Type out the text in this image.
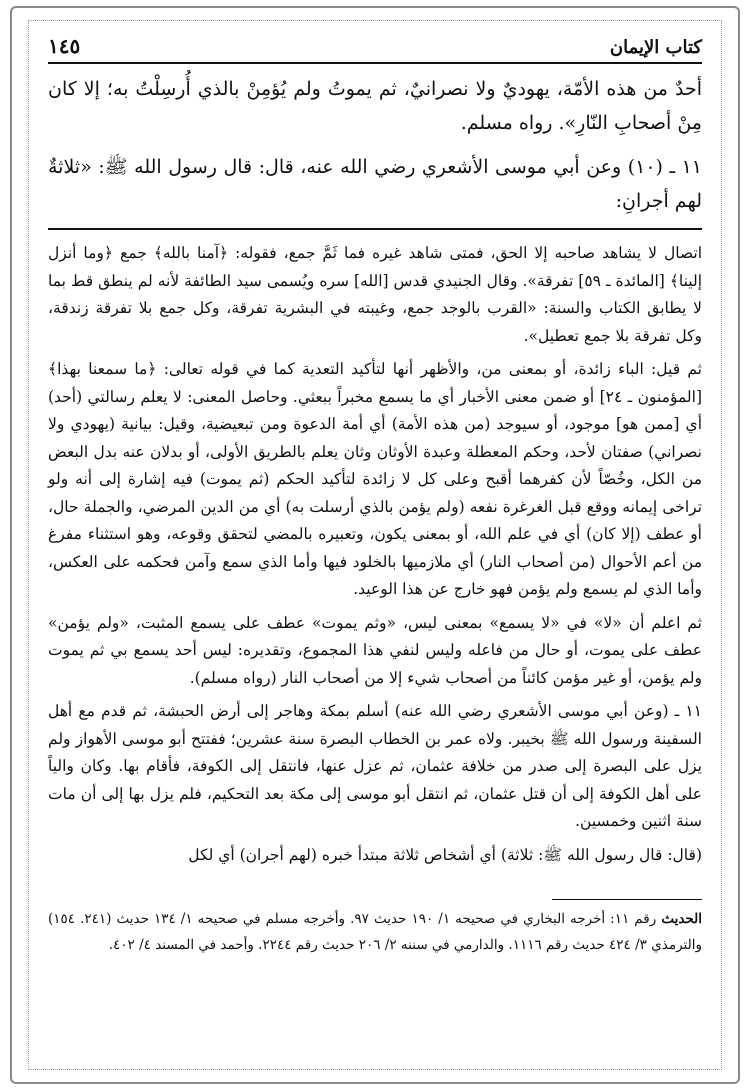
كتاب الإيمان
١٤٥

أحدٌ من هذه الأمّة، يهوديٌ ولا نصرانيٌ، ثم يموتُ ولم يُؤمِنْ بالذي أُرسِلْتُ به؛ إلا كان مِنْ أصحابِ النّارِ». رواه مسلم.

١١ ـ (١٠) وعن أبي موسى الأشعري رضي الله عنه، قال: قال رسول الله ﷺ: «ثلاثةٌ لهم أجرانِ:

اتصال لا يشاهد صاحبه إلا الحق، فمتى شاهد غيره فما ثَمَّ جمع، فقوله: ﴿آمنا بالله﴾ جمع ﴿وما أنزل إلينا﴾ [المائدة ـ ٥٩] تفرقة». وقال الجنيدي قدس [الله] سره ويُسمى سيد الطائفة لأنه لم ينطق قط بما لا يطابق الكتاب والسنة: «القرب بالوجد جمع، وغيبته في البشرية تفرقة، وكل جمع بلا تفرقة زندقة، وكل تفرقة بلا جمع تعطيل».

ثم قيل: الباء زائدة، أو بمعنى من، والأظهر أنها لتأكيد التعدية كما في قوله تعالى: ﴿ما سمعنا بهذا﴾ [المؤمنون ـ ٢٤] أو ضمن معنى الأخبار أي ما يسمع مخبراً ببعثي. وحاصل المعنى: لا يعلم رسالتي (أحد) أي [ممن هو] موجود، أو سيوجد (من هذه الأمة) أي أمة الدعوة ومن تبعيضية، وقيل: بيانية (يهودي ولا نصراني) صفتان لأحد، وحكم المعطلة وعبدة الأوثان وثان يعلم بالطريق الأولى، أو بدلان عنه بدل البعض من الكل، وخُصّاً لأن كفرهما أقبح وعلى كل لا زائدة لتأكيد الحكم (ثم يموت) فيه إشارة إلى أنه ولو تراخى إيمانه ووقع قبل الغرغرة نفعه (ولم يؤمن بالذي أرسلت به) أي من الدين المرضي، والجملة حال، أو عطف (إلا كان) أي في علم الله، أو بمعنى يكون، وتعبيره بالمضي لتحقق وقوعه، وهو استثناء مفرغ من أعم الأحوال (من أصحاب النار) أي ملازميها بالخلود فيها وأما الذي سمع وآمن فحكمه على العكس، وأما الذي لم يسمع ولم يؤمن فهو خارج عن هذا الوعيد.

ثم اعلم أن «لا» في «لا يسمع» بمعنى ليس، «وثم يموت» عطف على يسمع المثبت، «ولم يؤمن» عطف على يموت، أو حال من فاعله وليس لنفي هذا المجموع، وتقديره: ليس أحد يسمع بي ثم يموت ولم يؤمن، أو غير مؤمن كائناً من أصحاب شيء إلا من أصحاب النار (رواه مسلم).

١١ ـ (وعن أبي موسى الأشعري رضي الله عنه) أسلم بمكة وهاجر إلى أرض الحبشة، ثم قدم مع أهل السفينة ورسول الله ﷺ بخيبر. ولاه عمر بن الخطاب البصرة سنة عشرين؛ ففتتح أبو موسى الأهواز ولم يزل على البصرة إلى صدر من خلافة عثمان، ثم عزل عنها، فانتقل إلى الكوفة، فأقام بها. وكان والياً على أهل الكوفة إلى أن قتل عثمان، ثم انتقل أبو موسى إلى مكة بعد التحكيم، فلم يزل بها إلى أن مات سنة اثنين وخمسين.

(قال: قال رسول الله ﷺ: ثلاثة) أي أشخاص ثلاثة مبتدأ خبره (لهم أجران) أي لكل

الحديث رقم ١١: أخرجه البخاري في صحيحه ١/ ١٩٠ حديث ٩٧. وأخرجه مسلم في صحيحه ١/ ١٣٤ حديث (٢٤١. ١٥٤) والترمذي ٣/ ٤٢٤ حديث رقم ١١١٦. والدارمي في سننه ٢/ ٢٠٦ حديث رقم ٢٢٤٤. وأحمد في المسند ٤/ ٤٠٢.
